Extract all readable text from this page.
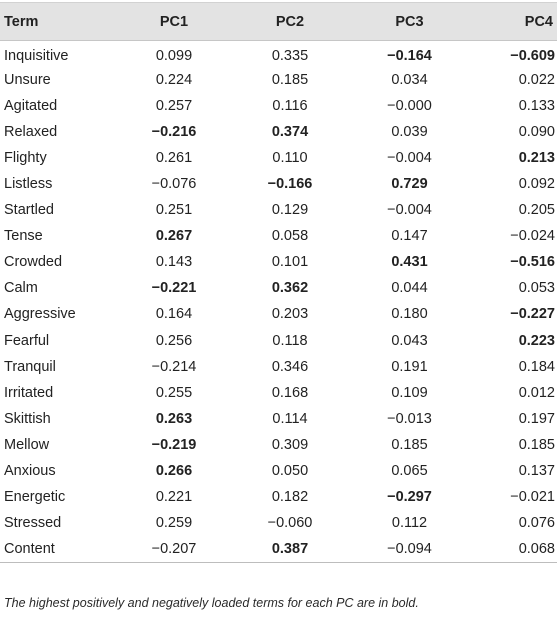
Term	PC1	PC2	PC3	PC4
Inquisitive	0.099	0.335	−0.164	−0.609
Unsure	0.224	0.185	0.034	0.022
Agitated	0.257	0.116	−0.000	0.133
Relaxed	−0.216	0.374	0.039	0.090
Flighty	0.261	0.110	−0.004	0.213
Listless	−0.076	−0.166	0.729	0.092
Startled	0.251	0.129	−0.004	0.205
Tense	0.267	0.058	0.147	−0.024
Crowded	0.143	0.101	0.431	−0.516
Calm	−0.221	0.362	0.044	0.053
Aggressive	0.164	0.203	0.180	−0.227
Fearful	0.256	0.118	0.043	0.223
Tranquil	−0.214	0.346	0.191	0.184
Irritated	0.255	0.168	0.109	0.012
Skittish	0.263	0.114	−0.013	0.197
Mellow	−0.219	0.309	0.185	0.185
Anxious	0.266	0.050	0.065	0.137
Energetic	0.221	0.182	−0.297	−0.021
Stressed	0.259	−0.060	0.112	0.076
Content	−0.207	0.387	−0.094	0.068
The highest positively and negatively loaded terms for each PC are in bold.
